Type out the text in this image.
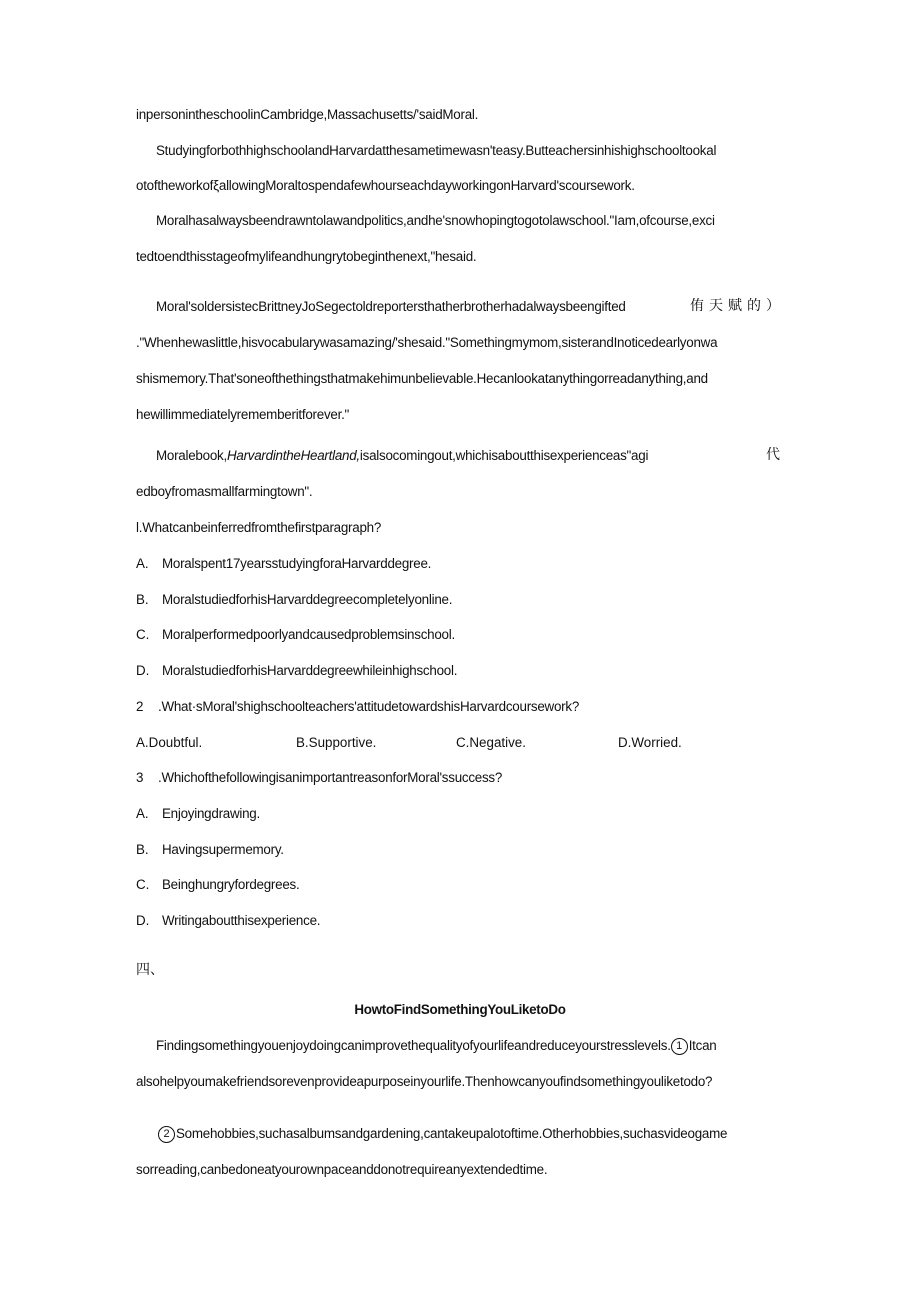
inpersonintheschoolinCambridge,Massachusetts/'saidMoral.
StudyingforbothhighschoolandHarvardatthesametimewasn'teasy.Butteachersinhishighschooltookal
otoftheworkofξallowingMoraltospendafewhourseachdayworkingonHarvard'scoursework.
Moralhasalwaysbeendrawntolawandpolitics,andhe'snowhopingtogotolawschool."Iam,ofcourse,exci
tedtoendthisstageofmylifeandhungrytobeginthenext,"hesaid.
Moral'soldersistecBrittneyJoSegectoldreportersthatherbrotherhadalwaysbeengifted	侑天赋的）
."Whenhewaslittle,hisvocabularywasamazing/'shesaid."Somethingmymom,sisterandInoticedearlyonwa
shismemory.That'soneofthethingsthatmakehimunbelievable.Hecanlookatanythingorreadanything,and
hewillimmediatelyrememberitforever."
Moralebook,HarvardintheHeartland,isalsocomingout,whichisaboutthisexperienceas"agi	代
edboyfromasmallfarmingtown".
l.Whatcanbeinferredfromthefirstparagraph?
A. Moralspent17yearsstudyingforaHarvarddegree.
B. MoralstudiedforhisHarvarddegreecompletelyonline.
C. Moralperformedpoorlyandcausedproblemsinschool.
D. MoralstudiedforhisHarvarddegreewhileinhighschool.
2 .What·sMoral'shighschoolteachers'attitudetowardshisHarvardcoursework?
A.Doubtful.	B.Supportive.	C.Negative.	D.Worried.
3 .WhichofthefollowingisanimportantreasonforMoral'ssuccess?
A. Enjoyingdrawing.
B. Havingsupermemory.
C. Beinghungryfordegrees.
D. Writingaboutthisexperience.
四、
HowtoFindSomethingYouLiketoDo
Findingsomethingyouenjoydoingcanimprovethequalityofyourlifeandreduceyourstresslevels. 1 Itcan
alsohelpyoumakefriendsorevenprovideapurposeinyourlife.Thenhowcanyoufindsomethingyouliketodo?
2 Somehobbies,suchasalbumsandgardening,cantakeupalotoftime.Otherhobbies,suchasvideogame
sorreading,canbedoneatyourownpaceanddonotrequireanyextendedtime.
